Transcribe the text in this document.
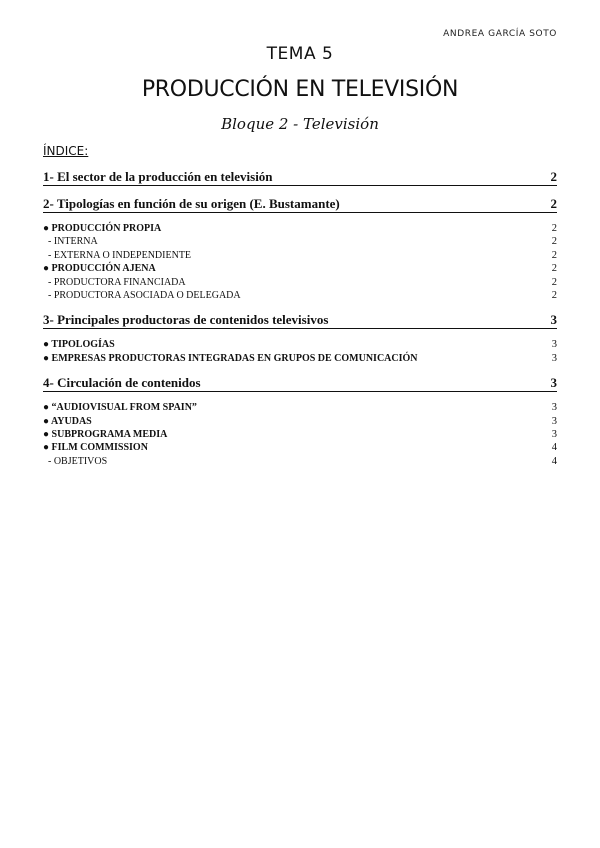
ANDREA GARCÍA SOTO
TEMA 5
PRODUCCIÓN EN TELEVISIÓN
Bloque 2 - Televisión
ÍNDICE:
1- El sector de la producción en televisión	2
2- Tipologías en función de su origen (E. Bustamante)	2
● PRODUCCIÓN PROPIA	2
- INTERNA	2
- EXTERNA O INDEPENDIENTE	2
● PRODUCCIÓN AJENA	2
- PRODUCTORA FINANCIADA	2
- PRODUCTORA ASOCIADA O DELEGADA	2
3- Principales productoras de contenidos televisivos	3
● TIPOLOGÍAS	3
● EMPRESAS PRODUCTORAS INTEGRADAS EN GRUPOS DE COMUNICACIÓN	3
4- Circulación de contenidos	3
● “AUDIOVISUAL FROM SPAIN”	3
● AYUDAS	3
● SUBPROGRAMA MEDIA	3
● FILM COMMISSION	4
- OBJETIVOS	4
